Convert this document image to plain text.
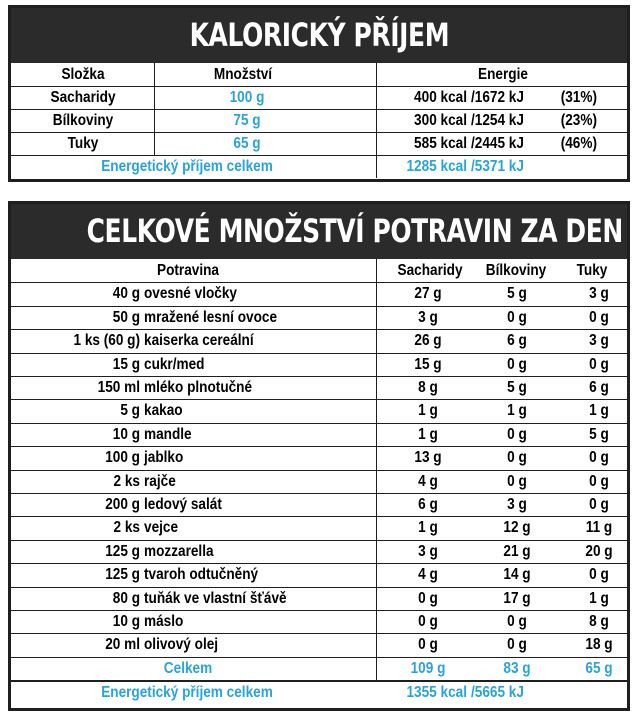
KALORICKÝ PŘÍJEM
Složka	Množství	Energie
Sacharidy	100 g	400 kcal /1672 kJ (31%)
Bílkoviny	75 g	300 kcal /1254 kJ (23%)
Tuky	65 g	585 kcal /2445 kJ (46%)
Energetický příjem celkem	1285 kcal /5371 kJ
CELKOVÉ MNOŽSTVÍ POTRAVIN ZA DEN
Potravina	Sacharidy Bílkoviny Tuky
40 g ovesné vločky	27 g	5 g	3 g
50 g mražené lesní ovoce	3 g	0 g	0 g
1 ks (60 g) kaiserka cereální	26 g	6 g	3 g
15 g cukr/med	15 g	0 g	0 g
150 ml mléko plnotučné	8 g	5 g	6 g
5 g kakao	1 g	1 g	1 g
10 g mandle	1 g	0 g	5 g
100 g jablko	13 g	0 g	0 g
2 ks rajče	4 g	0 g	0 g
200 g ledový salát	6 g	3 g	0 g
2 ks vejce	1 g	12 g	11 g
125 g mozzarella	3 g	21 g	20 g
125 g tvaroh odtučněný	4 g	14 g	0 g
80 g tuňák ve vlastní šťávě	0 g	17 g	1 g
10 g máslo	0 g	0 g	8 g
20 ml olivový olej	0 g	0 g	18 g
Celkem	109 g	83 g	65 g
Energetický příjem celkem	1355 kcal /5665 kJ
